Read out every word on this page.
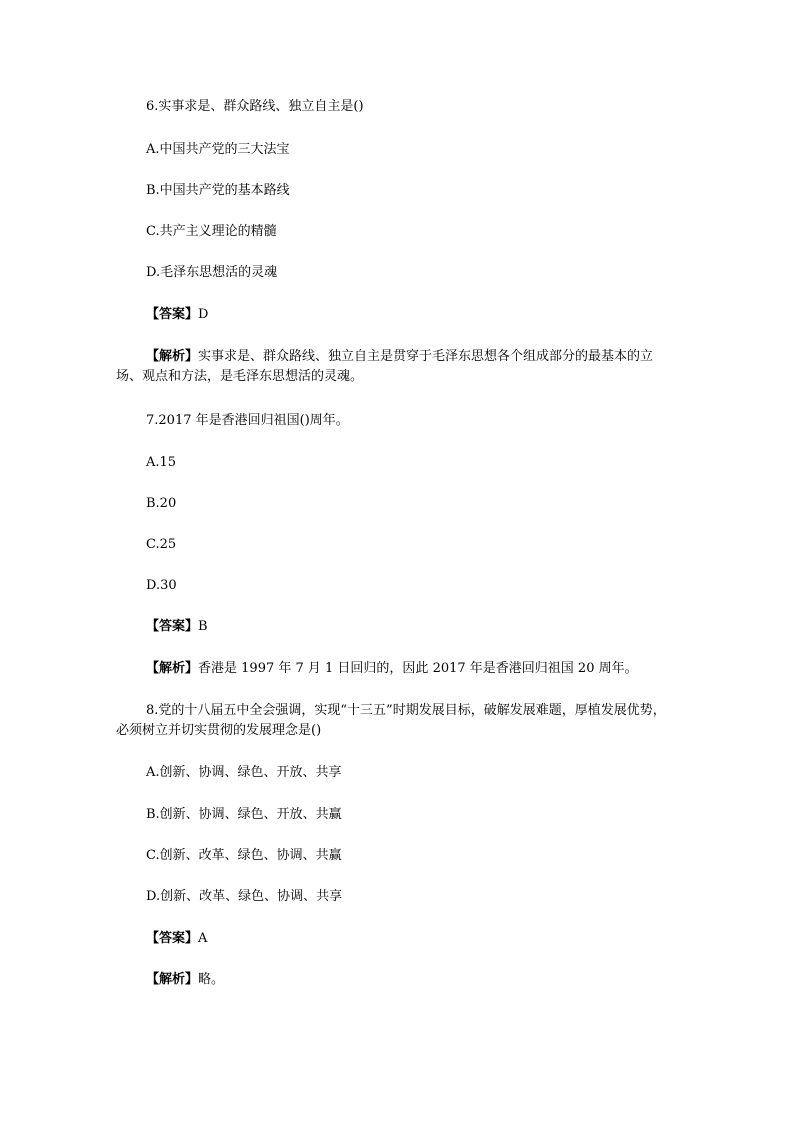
6.实事求是、群众路线、独立自主是()

A.中国共产党的三大法宝

B.中国共产党的基本路线

C.共产主义理论的精髓

D.毛泽东思想活的灵魂

【答案】D

【解析】实事求是、群众路线、独立自主是贯穿于毛泽东思想各个组成部分的最基本的立场、观点和方法，是毛泽东思想活的灵魂。

7.2017 年是香港回归祖国()周年。

A.15

B.20

C.25

D.30

【答案】B

【解析】香港是 1997 年 7 月 1 日回归的，因此 2017 年是香港回归祖国 20 周年。

8.党的十八届五中全会强调，实现“十三五”时期发展目标，破解发展难题，厚植发展优势，必须树立并切实贯彻的发展理念是()

A.创新、协调、绿色、开放、共享

B.创新、协调、绿色、开放、共赢

C.创新、改革、绿色、协调、共赢

D.创新、改革、绿色、协调、共享

【答案】A

【解析】略。
